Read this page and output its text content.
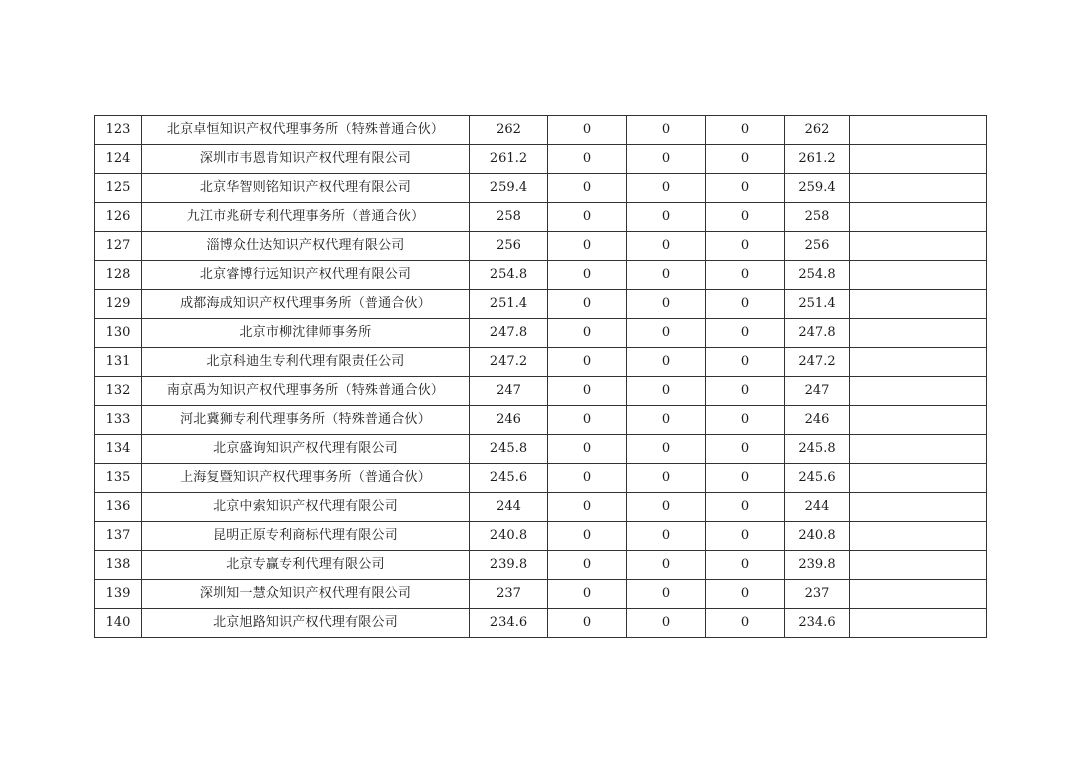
123	北京卓恒知识产权代理事务所（特殊普通合伙）	262	0	0	0	262	
124	深圳市韦恩肯知识产权代理有限公司	261.2	0	0	0	261.2	
125	北京华智则铭知识产权代理有限公司	259.4	0	0	0	259.4	
126	九江市兆研专利代理事务所（普通合伙）	258	0	0	0	258	
127	淄博众仕达知识产权代理有限公司	256	0	0	0	256	
128	北京睿博行远知识产权代理有限公司	254.8	0	0	0	254.8	
129	成都海成知识产权代理事务所（普通合伙）	251.4	0	0	0	251.4	
130	北京市柳沈律师事务所	247.8	0	0	0	247.8	
131	北京科迪生专利代理有限责任公司	247.2	0	0	0	247.2	
132	南京禹为知识产权代理事务所（特殊普通合伙）	247	0	0	0	247	
133	河北冀狮专利代理事务所（特殊普通合伙）	246	0	0	0	246	
134	北京盛询知识产权代理有限公司	245.8	0	0	0	245.8	
135	上海复暨知识产权代理事务所（普通合伙）	245.6	0	0	0	245.6	
136	北京中索知识产权代理有限公司	244	0	0	0	244	
137	昆明正原专利商标代理有限公司	240.8	0	0	0	240.8	
138	北京专赢专利代理有限公司	239.8	0	0	0	239.8	
139	深圳知一慧众知识产权代理有限公司	237	0	0	0	237	
140	北京旭路知识产权代理有限公司	234.6	0	0	0	234.6	
